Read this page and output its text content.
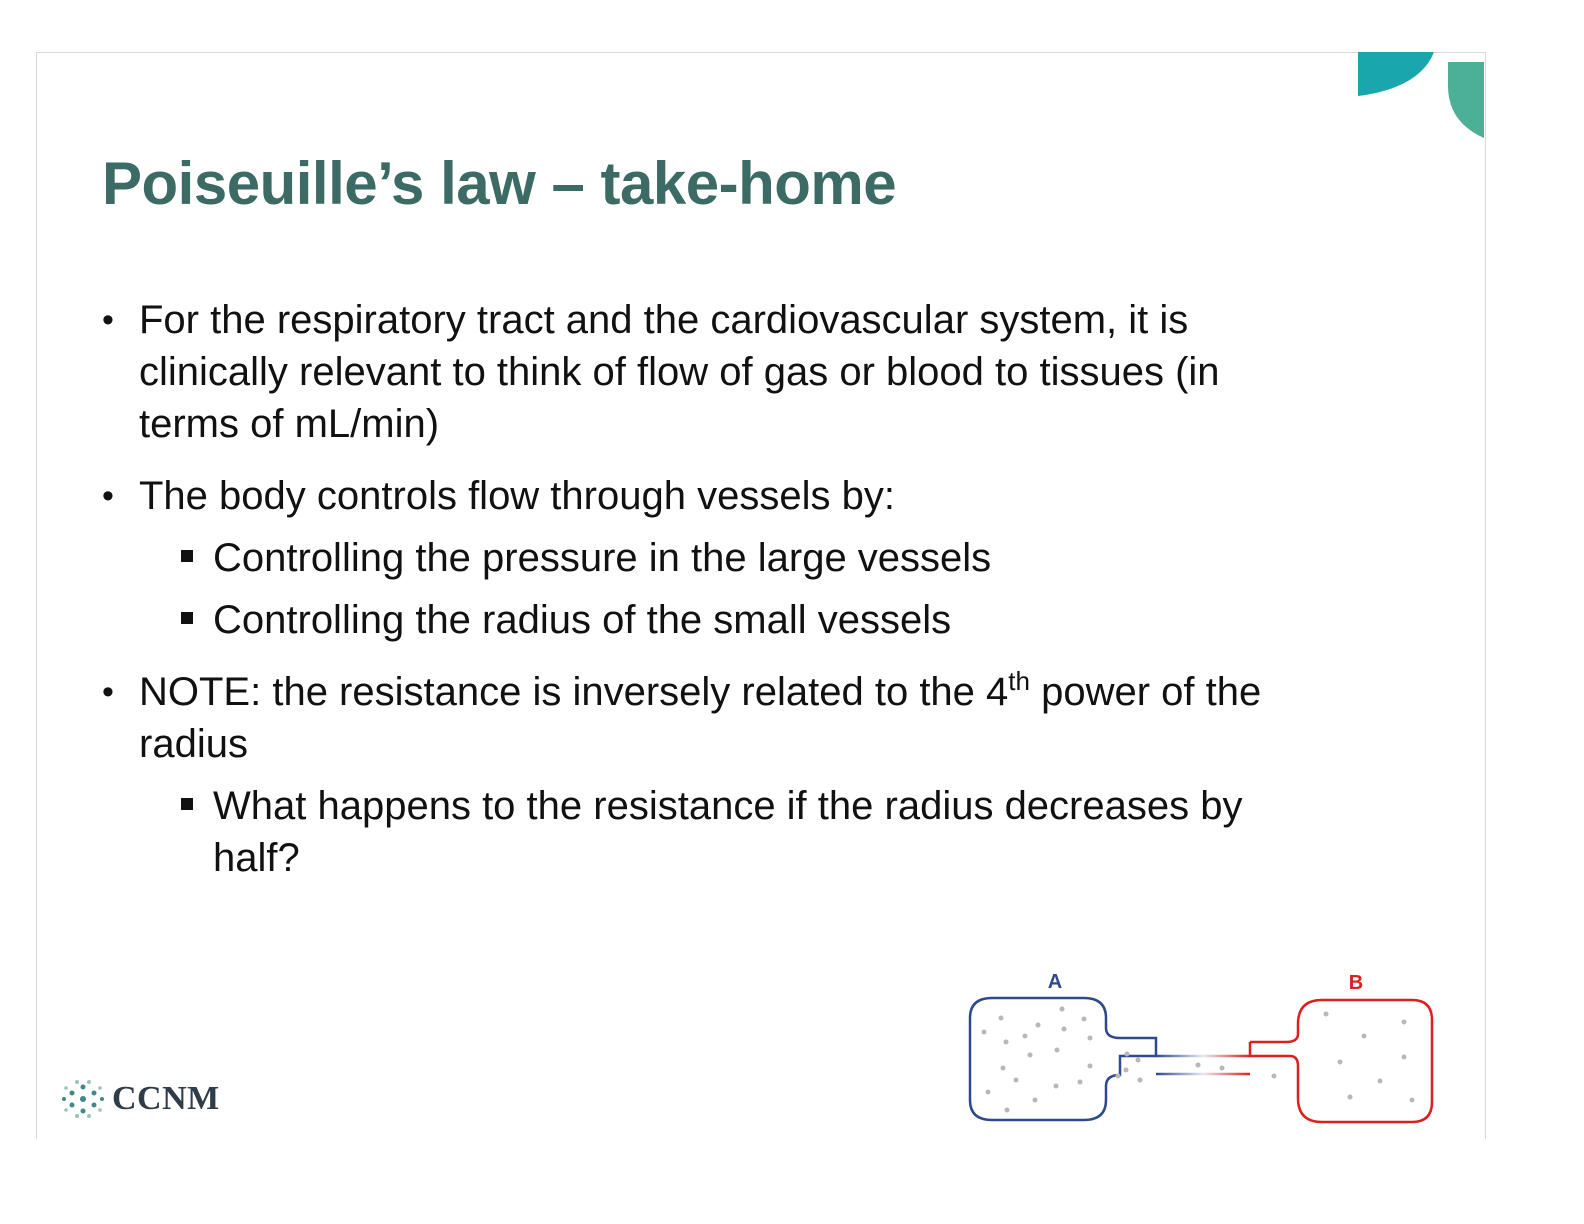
Poiseuille’s law – take-home
• For the respiratory tract and the cardiovascular system, it is clinically relevant to think of flow of gas or blood to tissues (in terms of mL/min)
• The body controls flow through vessels by:
Controlling the pressure in the large vessels
Controlling the radius of the small vessels
• NOTE: the resistance is inversely related to the 4th power of the radius
What happens to the resistance if the radius decreases by half?
CCNM
A	B
